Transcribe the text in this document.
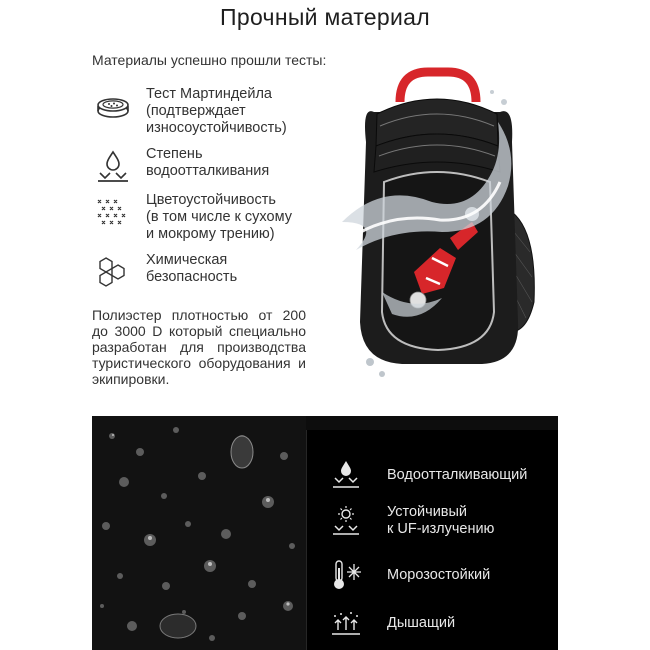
Прочный материал
Материалы успешно прошли тесты:
Тест Мартиндейла
(подтверждает
износоустойчивость)
Степень
водоотталкивания
Цветоустойчивость
(в том числе к сухому
и мокрому трению)
Химическая
безопасность
Полиэстер плотностью от 200 до 3000 D который специально разработан для производства туристического оборудования и экипировки.
Водоотталкивающий
Устойчивый
к UF-излучению
Морозостойкий
Дышащий
